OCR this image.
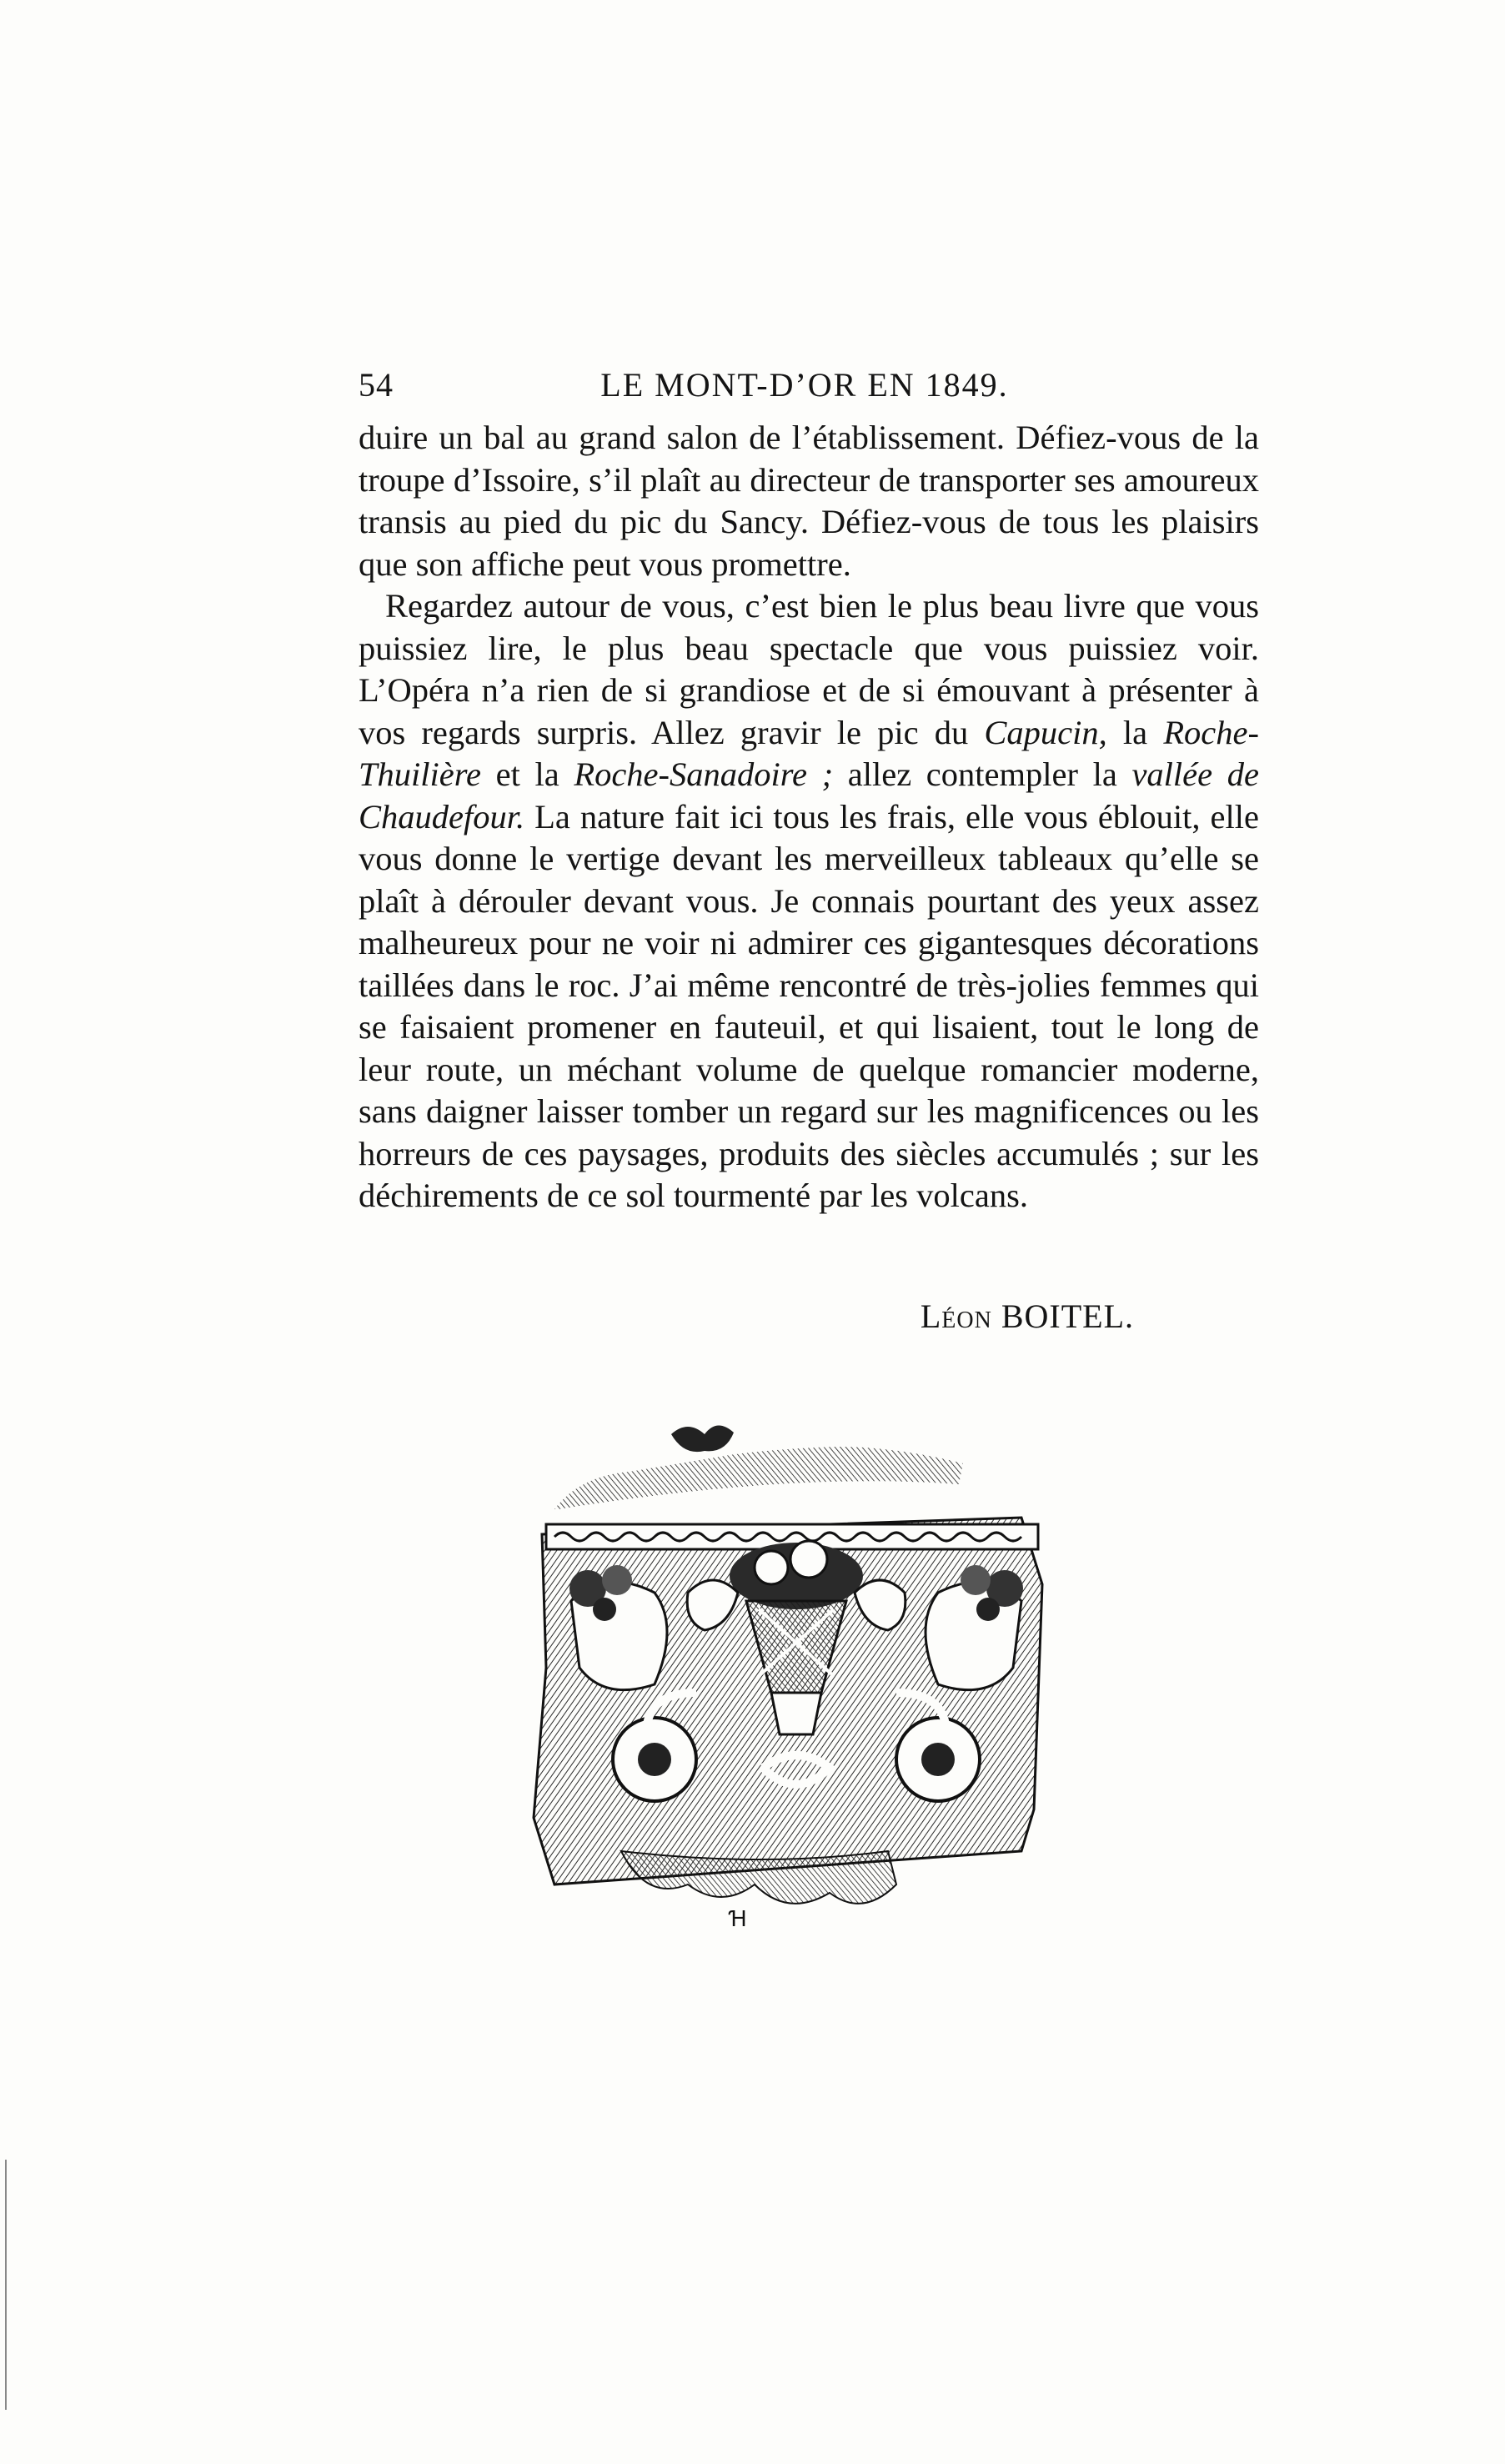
54	LE MONT-D’OR EN 1849.

duire un bal au grand salon de l’établissement. Défiez-vous de la troupe d’Issoire, s’il plaît au directeur de transporter ses amoureux transis au pied du pic du Sancy. Défiez-vous de tous les plaisirs que son affiche peut vous promettre.

Regardez autour de vous, c’est bien le plus beau livre que vous puissiez lire, le plus beau spectacle que vous puissiez voir. L’Opéra n’a rien de si grandiose et de si émouvant à présenter à vos regards surpris. Allez gravir le pic du Capucin, la Roche-Thuilière et la Roche-Sanadoire ; allez contempler la vallée de Chaudefour. La nature fait ici tous les frais, elle vous éblouit, elle vous donne le vertige devant les merveilleux tableaux qu’elle se plaît à dérouler devant vous. Je connais pourtant des yeux assez malheureux pour ne voir ni admirer ces gigantesques décorations taillées dans le roc. J’ai même rencontré de très-jolies femmes qui se faisaient promener en fauteuil, et qui lisaient, tout le long de leur route, un méchant volume de quelque romancier moderne, sans daigner laisser tomber un regard sur les magnificences ou les horreurs de ces paysages, produits des siècles accumulés ; sur les déchirements de ce sol tourmenté par les volcans.

Léon BOITEL.
Ɦ
